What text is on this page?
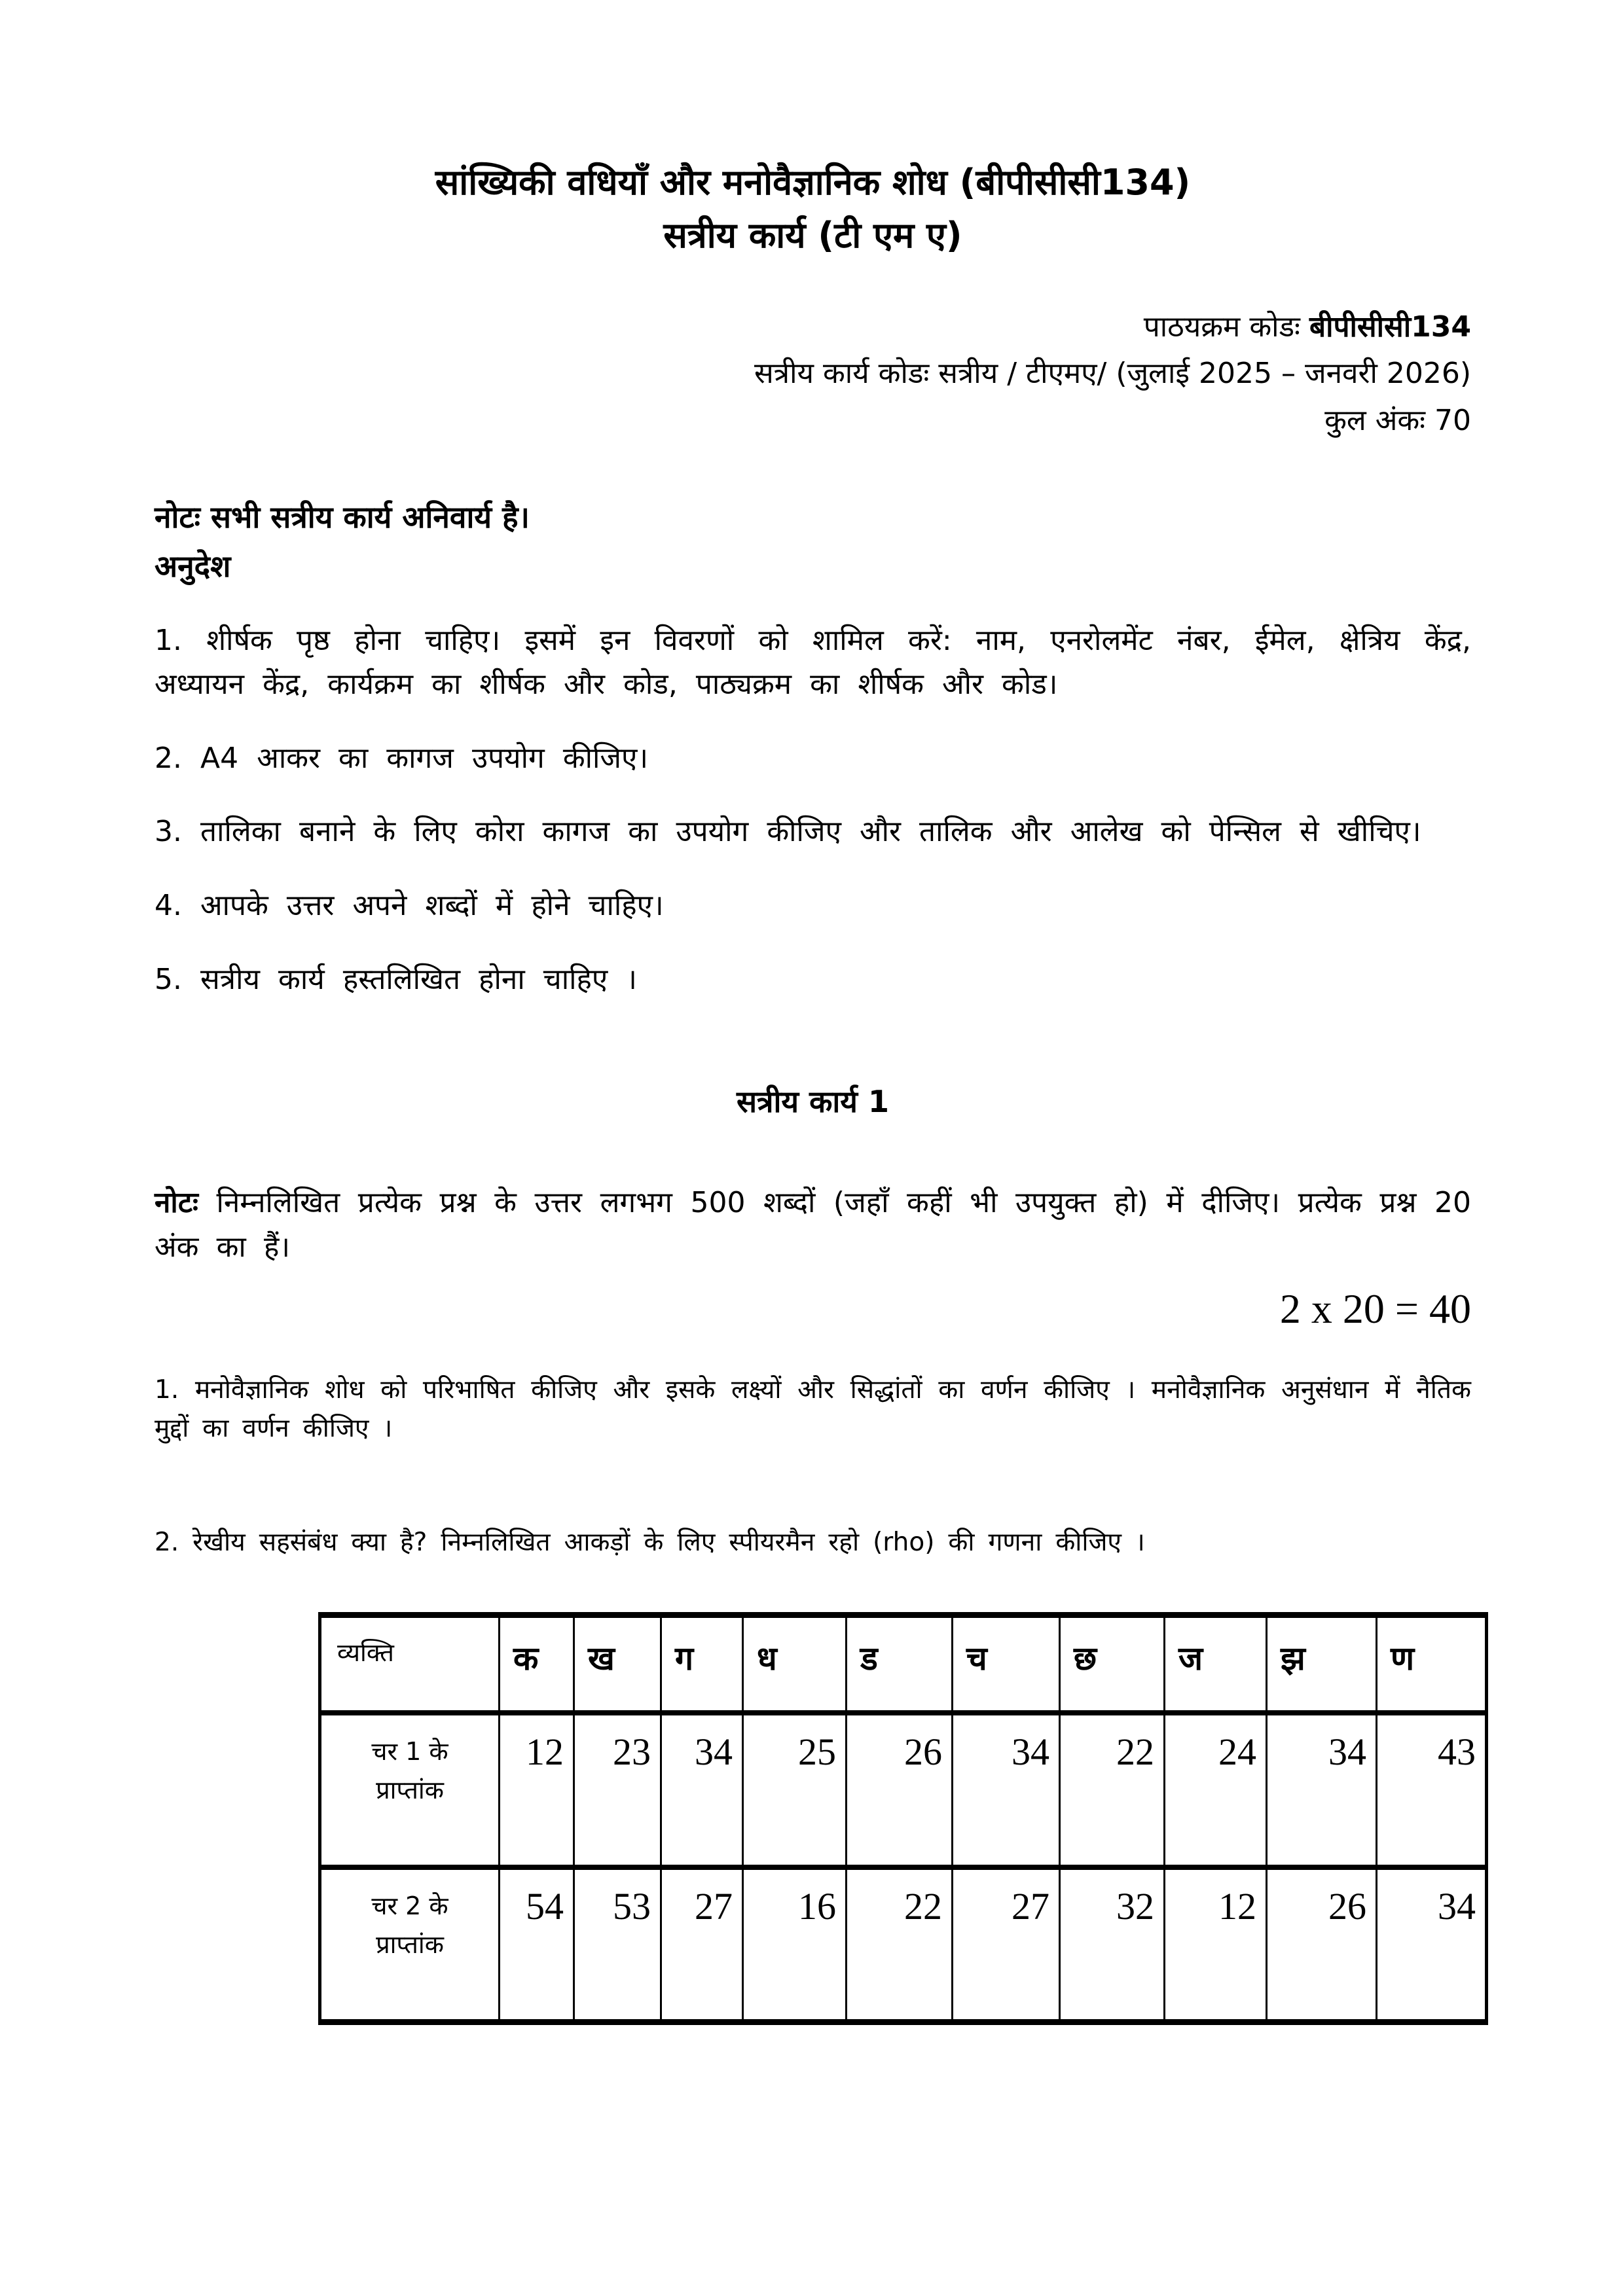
सांख्यिकी वधियाँ और मनोवैज्ञानिक शोध (बीपीसीसी134)
सत्रीय कार्य (टी एम ए)
पाठयक्रम कोडः बीपीसीसी134
सत्रीय कार्य कोडः सत्रीय / टीएमए/ (जुलाई 2025 – जनवरी 2026)
कुल अंकः 70
नोटः सभी सत्रीय कार्य अनिवार्य है।
अनुदेश
1. शीर्षक पृष्ठ होना चाहिए। इसमें इन विवरणों को शामिल करें: नाम, एनरोलमेंट नंबर, ईमेल, क्षेत्रिय केंद्र, अध्यायन केंद्र, कार्यक्रम का शीर्षक और कोड, पाठ्यक्रम का शीर्षक और कोड।
2. A4 आकर का कागज उपयोग कीजिए।
3. तालिका बनाने के लिए कोरा कागज का उपयोग कीजिए और तालिक और आलेख को पेन्सिल से खीचिए।
4. आपके उत्तर अपने शब्दों में होने चाहिए।
5. सत्रीय कार्य हस्तलिखित होना चाहिए ।
सत्रीय कार्य 1
नोटः निम्नलिखित प्रत्येक प्रश्न के उत्तर लगभग 500 शब्दों (जहाँ कहीं भी उपयुक्त हो) में दीजिए। प्रत्येक प्रश्न 20 अंक का हैं।
2 x 20 = 40
1. मनोवैज्ञानिक शोध को परिभाषित कीजिए और इसके लक्ष्यों और सिद्धांतों का वर्णन कीजिए । मनोवैज्ञानिक अनुसंधान में नैतिक मुद्दों का वर्णन कीजिए ।
2. रेखीय सहसंबंध क्या है? निम्नलिखित आकड़ों के लिए स्पीयरमैन रहो (rho) की गणना कीजिए ।
व्यक्ति	क	ख	ग	ध	ड	च	छ	ज	झ	ण
चर 1 के
प्राप्तांक	12	23	34	25	26	34	22	24	34	43
चर 2 के
प्राप्तांक	54	53	27	16	22	27	32	12	26	34
